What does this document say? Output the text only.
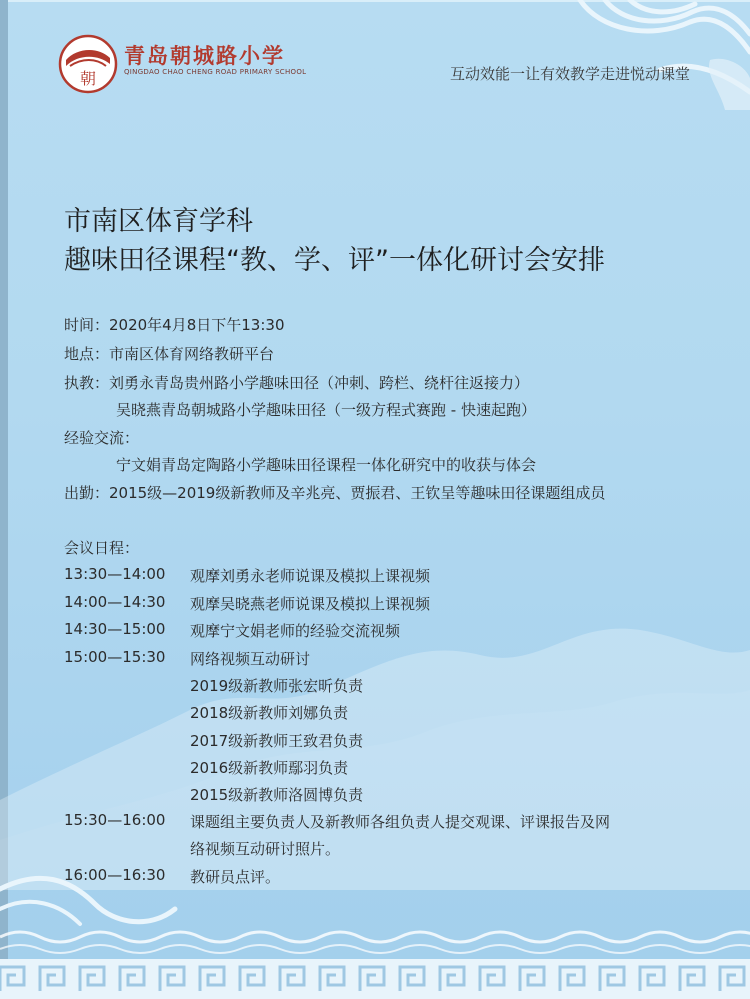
朝
青岛朝城路小学
QINGDAO CHAO CHENG ROAD PRIMARY SCHOOL	互动效能一让有效教学走进悦动课堂
市南区体育学科
趣味田径课程“教、学、评”一体化研讨会安排
时间：2020年4月8日下午13:30
地点：市南区体育网络教研平台
执教：刘勇永青岛贵州路小学趣味田径（冲刺、跨栏、绕杆往返接力）
吴晓燕青岛朝城路小学趣味田径（一级方程式赛跑 - 快速起跑）
经验交流：
宁文娟青岛定陶路小学趣味田径课程一体化研究中的收获与体会
出勤：2015级—2019级新教师及辛兆亮、贾振君、王钦呈等趣味田径课题组成员
会议日程：
13:30—14:00 观摩刘勇永老师说课及模拟上课视频
14:00—14:30 观摩吴晓燕老师说课及模拟上课视频
14:30—15:00 观摩宁文娟老师的经验交流视频
15:00—15:30 网络视频互动研讨
2019级新教师张宏昕负责
2018级新教师刘娜负责
2017级新教师王致君负责
2016级新教师鄢羽负责
2015级新教师洛圆博负责
15:30—16:00 课题组主要负责人及新教师各组负责人提交观课、评课报告及网
络视频互动研讨照片。
16:00—16:30 教研员点评。
